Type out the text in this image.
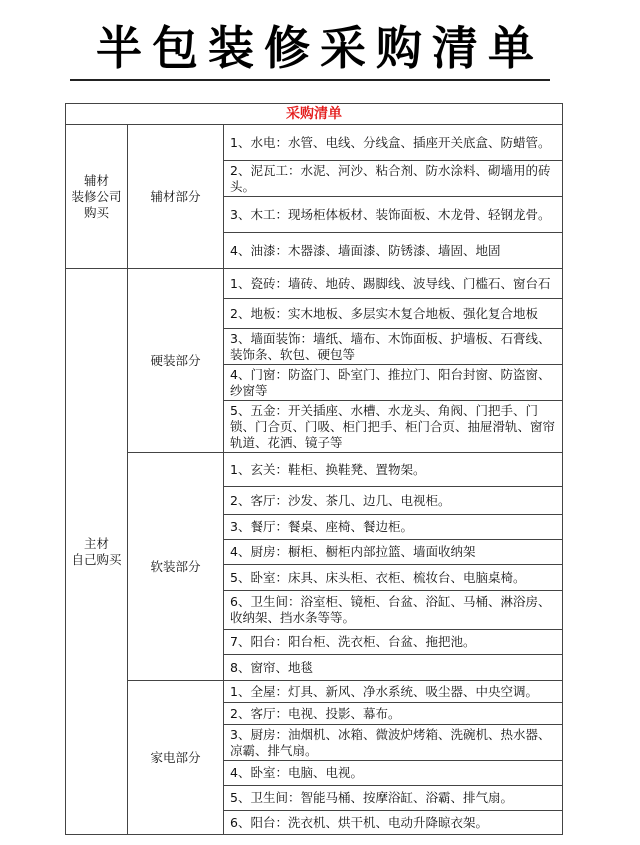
半包装修采购清单
采购清单		

辅材
装修公司
购买	辅材部分	1、水电：水管、电线、分线盒、插座开关底盒、防蜡管。
		2、泥瓦工：水泥、河沙、粘合剂、防水涂料、砌墙用的砖头。
		3、木工：现场柜体板材、装饰面板、木龙骨、轻钢龙骨。
		4、油漆：木器漆、墙面漆、防锈漆、墙固、地固

主材
自己购买	硬装部分	1、瓷砖：墙砖、地砖、踢脚线、波导线、门槛石、窗台石
		2、地板：实木地板、多层实木复合地板、强化复合地板
		3、墙面装饰：墙纸、墙布、木饰面板、护墙板、石膏线、装饰条、软包、硬包等
		4、门窗：防盗门、卧室门、推拉门、阳台封窗、防盗窗、纱窗等
		5、五金：开关插座、水槽、水龙头、角阀、门把手、门锁、门合页、门吸、柜门把手、柜门合页、抽屉滑轨、窗帘轨道、花洒、镜子等
	软装部分	1、玄关：鞋柜、换鞋凳、置物架。
		2、客厅：沙发、茶几、边几、电视柜。
		3、餐厅：餐桌、座椅、餐边柜。
		4、厨房：橱柜、橱柜内部拉篮、墙面收纳架
		5、卧室：床具、床头柜、衣柜、梳妆台、电脑桌椅。
		6、卫生间：浴室柜、镜柜、台盆、浴缸、马桶、淋浴房、收纳架、挡水条等等。
		7、阳台：阳台柜、洗衣柜、台盆、拖把池。
		8、窗帘、地毯
	家电部分	1、全屋：灯具、新风、净水系统、吸尘器、中央空调。
		2、客厅：电视、投影、幕布。
		3、厨房：油烟机、冰箱、微波炉烤箱、洗碗机、热水器、凉霸、排气扇。
		4、卧室：电脑、电视。
		5、卫生间：智能马桶、按摩浴缸、浴霸、排气扇。
		6、阳台：洗衣机、烘干机、电动升降晾衣架。
